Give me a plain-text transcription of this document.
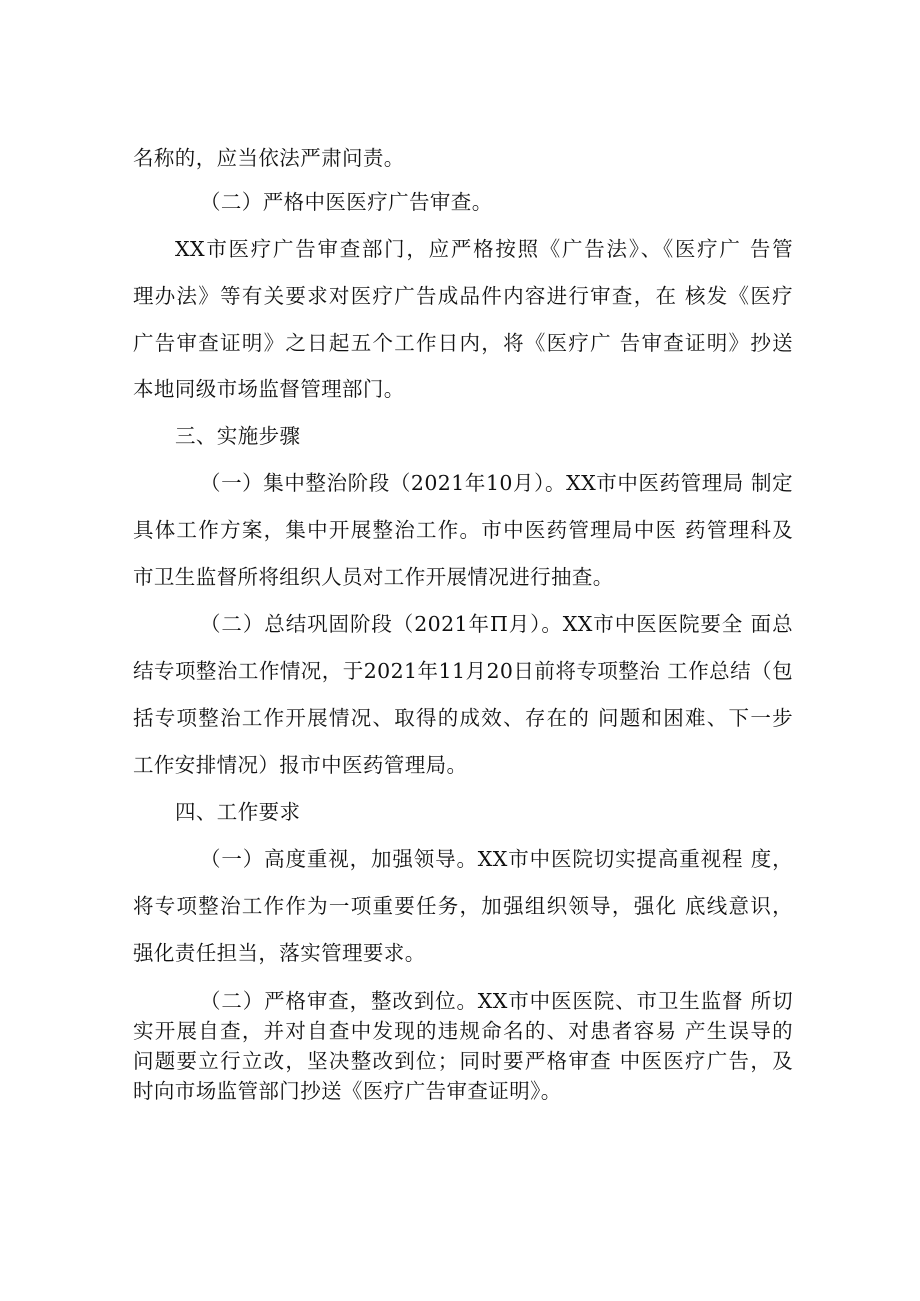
名称的，应当依法严肃问责。
（二）严格中医医疗广告审查。
XX市医疗广告审查部门，应严格按照《广告法》、《医疗广 告管
理办法》等有关要求对医疗广告成品件内容进行审查，在 核发《医疗
广告审查证明》之日起五个工作日内，将《医疗广 告审查证明》抄送
本地同级市场监督管理部门。
三、实施步骤
（一）集中整治阶段（2021年10月）。XX市中医药管理局 制定
具体工作方案，集中开展整治工作。市中医药管理局中医 药管理科及
市卫生监督所将组织人员对工作开展情况进行抽查。
（二）总结巩固阶段（2021年Π月）。XX市中医医院要全 面总
结专项整治工作情况，于2021年11月20日前将专项整治 工作总结（包
括专项整治工作开展情况、取得的成效、存在的 问题和困难、下一步
工作安排情况）报市中医药管理局。
四、工作要求
（一）高度重视，加强领导。XX市中医院切实提高重视程 度，
将专项整治工作作为一项重要任务，加强组织领导，强化 底线意识，
强化责任担当，落实管理要求。
（二）严格审查，整改到位。XX市中医医院、市卫生监督 所切
实开展自查，并对自查中发现的违规命名的、对患者容易 产生误导的
问题要立行立改，坚决整改到位；同时要严格审查 中医医疗广告，及
时向市场监管部门抄送《医疗广告审查证明》。
